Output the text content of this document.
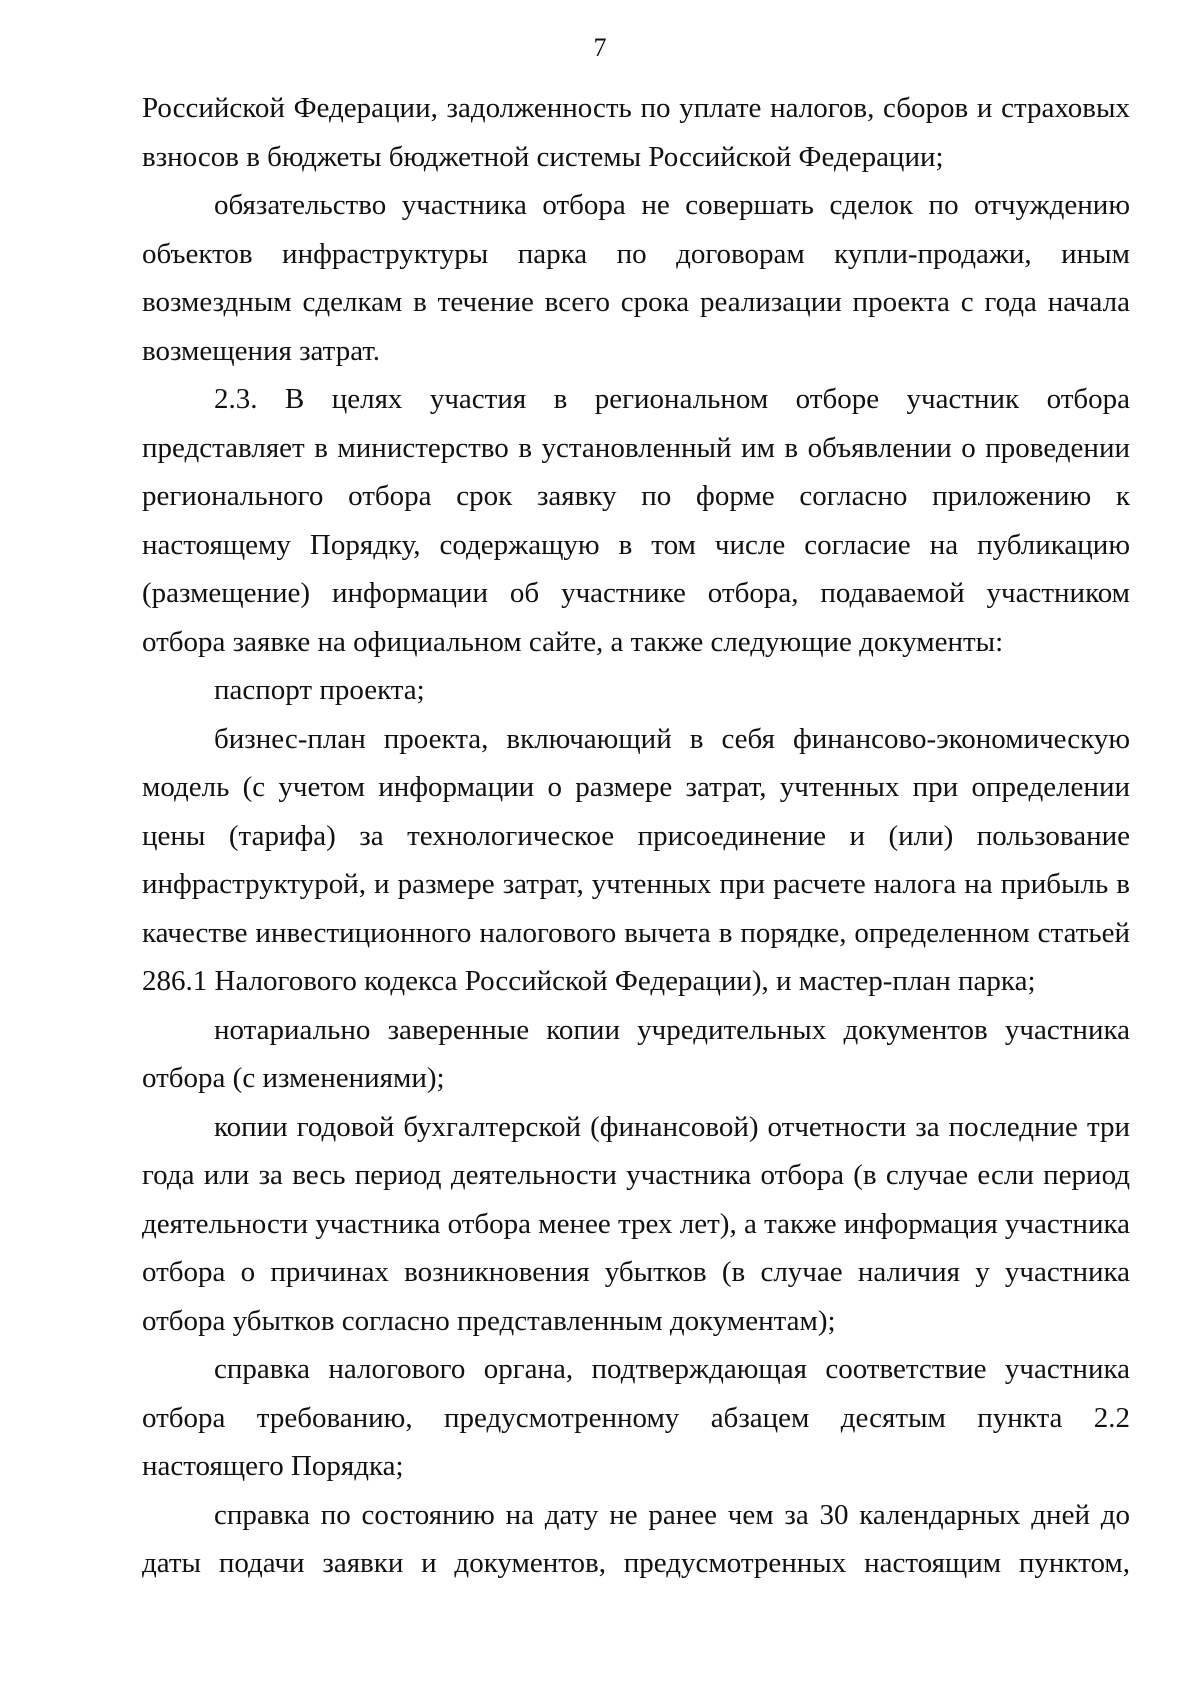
7

Российской Федерации, задолженность по уплате налогов, сборов и страховых взносов в бюджеты бюджетной системы Российской Федерации;

обязательство участника отбора не совершать сделок по отчуждению объектов инфраструктуры парка по договорам купли-продажи, иным возмездным сделкам в течение всего срока реализации проекта с года начала возмещения затрат.

2.3. В целях участия в региональном отборе участник отбора представляет в министерство в установленный им в объявлении о проведении регионального отбора срок заявку по форме согласно приложению к настоящему Порядку, содержащую в том числе согласие на публикацию (размещение) информации об участнике отбора, подаваемой участником отбора заявке на официальном сайте, а также следующие документы:

паспорт проекта;

бизнес-план проекта, включающий в себя финансово-экономическую модель (с учетом информации о размере затрат, учтенных при определении цены (тарифа) за технологическое присоединение и (или) пользование инфраструктурой, и размере затрат, учтенных при расчете налога на прибыль в качестве инвестиционного налогового вычета в порядке, определенном статьей 286.1 Налогового кодекса Российской Федерации), и мастер-план парка;

нотариально заверенные копии учредительных документов участника отбора (с изменениями);

копии годовой бухгалтерской (финансовой) отчетности за последние три года или за весь период деятельности участника отбора (в случае если период деятельности участника отбора менее трех лет), а также информация участника отбора о причинах возникновения убытков (в случае наличия у участника отбора убытков согласно представленным документам);

справка налогового органа, подтверждающая соответствие участника отбора требованию, предусмотренному абзацем десятым пункта 2.2 настоящего Порядка;

справка по состоянию на дату не ранее чем за 30 календарных дней до даты подачи заявки и документов, предусмотренных настоящим пунктом,
